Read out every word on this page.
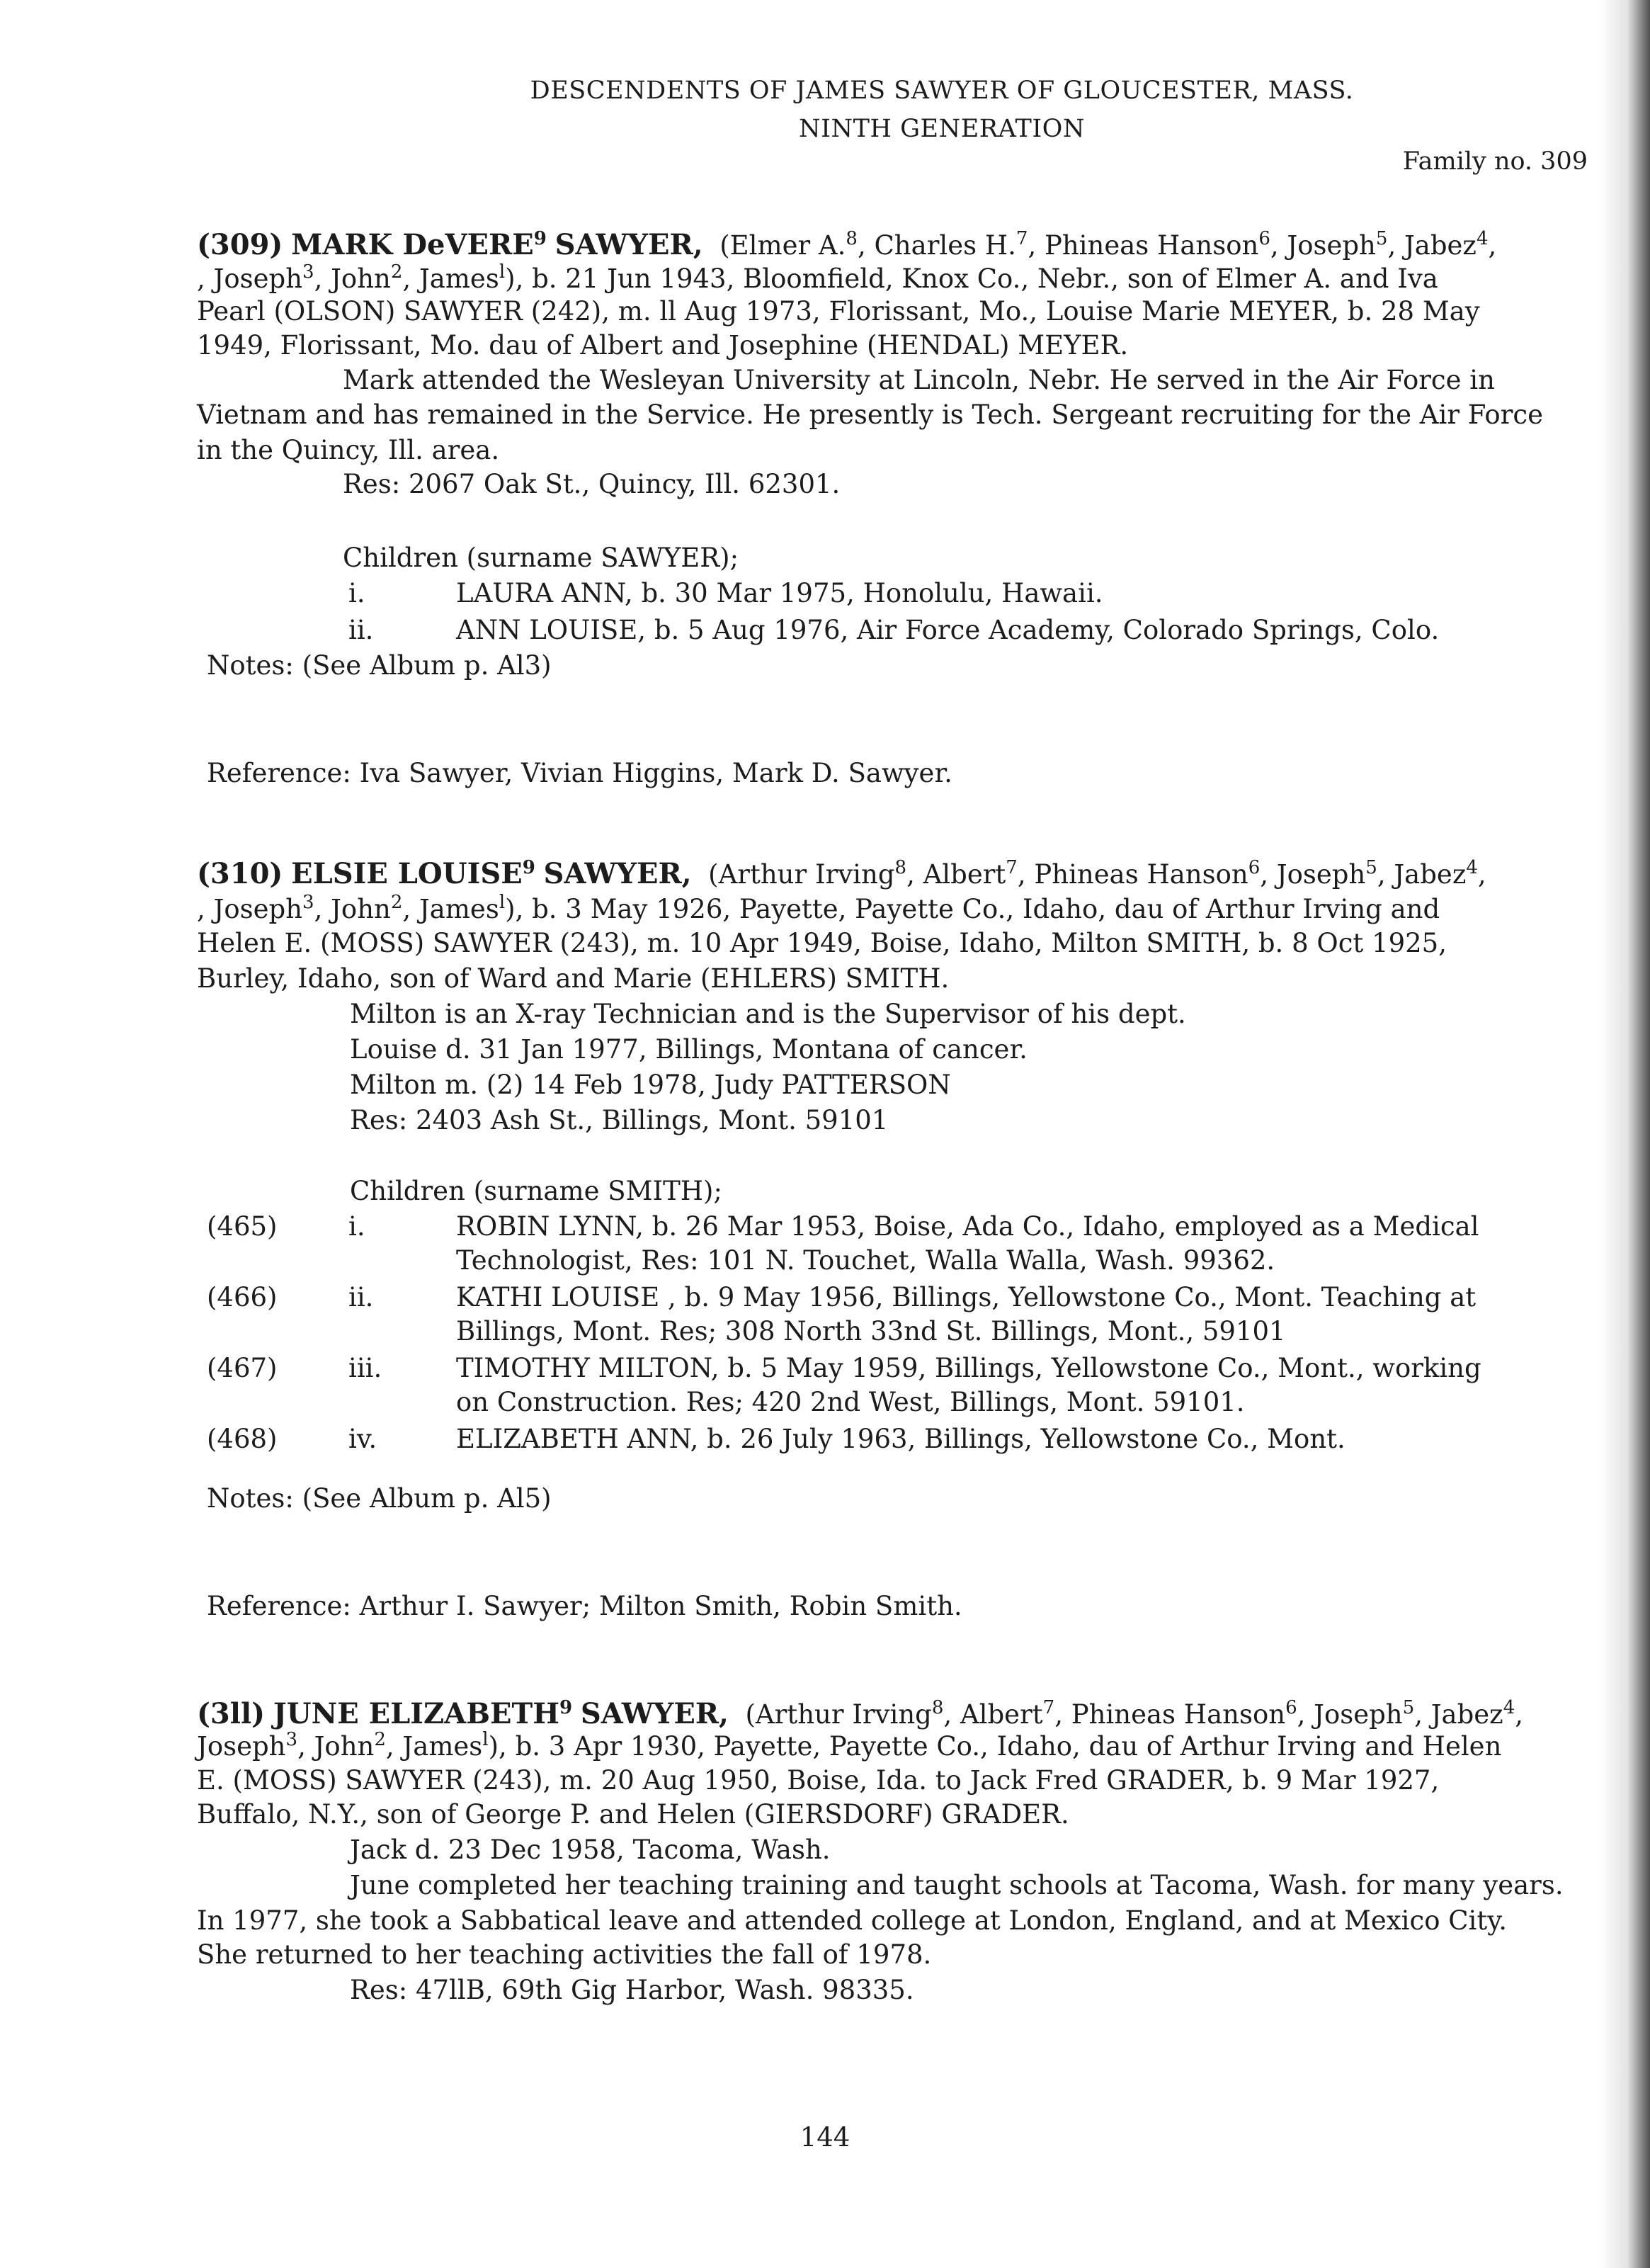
DESCENDENTS OF JAMES SAWYER OF GLOUCESTER, MASS.
NINTH GENERATION
Family no. 309
(309) MARK DeVERE$^9$ SAWYER, (Elmer A.$^8$, Charles H.$^7$, Phineas Hanson$^6$, Joseph$^5$, Jabez$^4$,
, Joseph$^3$, John$^2$, James$^l$), b. 21 Jun 1943, Bloomfield, Knox Co., Nebr., son of Elmer A. and Iva
Pearl (OLSON) SAWYER (242), m. ll Aug 1973, Florissant, Mo., Louise Marie MEYER, b. 28 May
1949, Florissant, Mo. dau of Albert and Josephine (HENDAL) MEYER.
Mark attended the Wesleyan University at Lincoln, Nebr. He served in the Air Force in
Vietnam and has remained in the Service. He presently is Tech. Sergeant recruiting for the Air Force
in the Quincy, Ill. area.
Res: 2067 Oak St., Quincy, Ill. 62301.
Children (surname SAWYER);
i.	LAURA ANN, b. 30 Mar 1975, Honolulu, Hawaii.
ii.	ANN LOUISE, b. 5 Aug 1976, Air Force Academy, Colorado Springs, Colo.
Notes: (See Album p. Al3)
Reference: Iva Sawyer, Vivian Higgins, Mark D. Sawyer.
(310) ELSIE LOUISE$^9$ SAWYER, (Arthur Irving$^8$, Albert$^7$, Phineas Hanson$^6$, Joseph$^5$, Jabez$^4$,
, Joseph$^3$, John$^2$, James$^l$), b. 3 May 1926, Payette, Payette Co., Idaho, dau of Arthur Irving and
Helen E. (MOSS) SAWYER (243), m. 10 Apr 1949, Boise, Idaho, Milton SMITH, b. 8 Oct 1925,
Burley, Idaho, son of Ward and Marie (EHLERS) SMITH.
Milton is an X-ray Technician and is the Supervisor of his dept.
Louise d. 31 Jan 1977, Billings, Montana of cancer.
Milton m. (2) 14 Feb 1978, Judy PATTERSON
Res: 2403 Ash St., Billings, Mont. 59101
Children (surname SMITH);
(465)	i.	ROBIN LYNN, b. 26 Mar 1953, Boise, Ada Co., Idaho, employed as a Medical
Technologist, Res: 101 N. Touchet, Walla Walla, Wash. 99362.
(466)	ii.	KATHI LOUISE , b. 9 May 1956, Billings, Yellowstone Co., Mont. Teaching at
Billings, Mont. Res; 308 North 33nd St. Billings, Mont., 59101
(467)	iii.	TIMOTHY MILTON, b. 5 May 1959, Billings, Yellowstone Co., Mont., working
on Construction. Res; 420 2nd West, Billings, Mont. 59101.
(468)	iv.	ELIZABETH ANN, b. 26 July 1963, Billings, Yellowstone Co., Mont.
Notes: (See Album p. Al5)
Reference: Arthur I. Sawyer; Milton Smith, Robin Smith.
(3ll) JUNE ELIZABETH$^9$ SAWYER, (Arthur Irving$^8$, Albert$^7$, Phineas Hanson$^6$, Joseph$^5$, Jabez$^4$,
Joseph$^3$, John$^2$, James$^l$), b. 3 Apr 1930, Payette, Payette Co., Idaho, dau of Arthur Irving and Helen
E. (MOSS) SAWYER (243), m. 20 Aug 1950, Boise, Ida. to Jack Fred GRADER, b. 9 Mar 1927,
Buffalo, N.Y., son of George P. and Helen (GIERSDORF) GRADER.
Jack d. 23 Dec 1958, Tacoma, Wash.
June completed her teaching training and taught schools at Tacoma, Wash. for many years.
In 1977, she took a Sabbatical leave and attended college at London, England, and at Mexico City.
She returned to her teaching activities the fall of 1978.
Res: 47llB, 69th Gig Harbor, Wash. 98335.
144
